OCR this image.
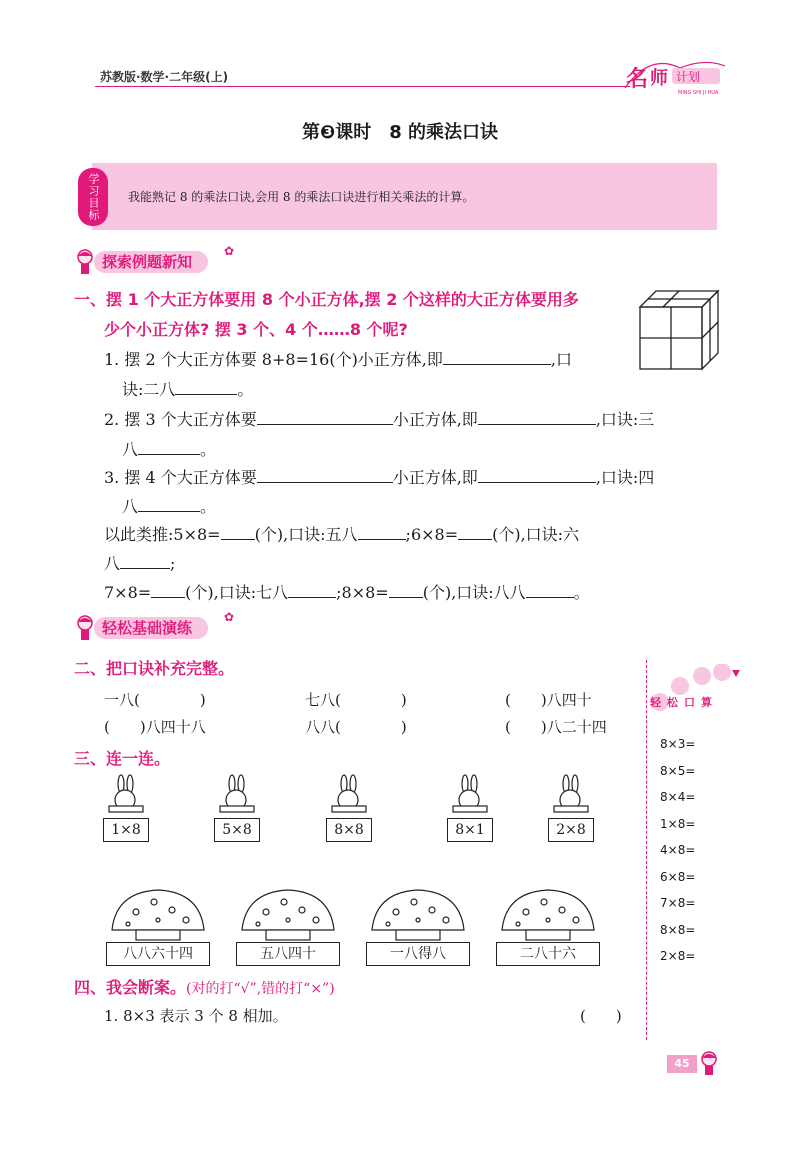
苏教版·数学·二年级(上)	名 师 计划
MING SHI JI HUA
第❸课时　8 的乘法口诀
学习目标 我能熟记 8 的乘法口诀,会用 8 的乘法口诀进行相关乘法的计算。
探索例题新知
✿
一、摆 1 个大正方体要用 8 个小正方体,摆 2 个这样的大正方体要用多
少个小正方体? 摆 3 个、4 个……8 个呢?
1. 摆 2 个大正方体要 8+8=16(个)小正方体,即	,口
诀:二八	。
2. 摆 3 个大正方体要	小正方体,即	,口诀:三
八	。
3. 摆 4 个大正方体要	小正方体,即	,口诀:四
八	。
以此类推:5×8= (个),口诀:五八	;6×8= (个),口诀:六
八	;
7×8= (个),口诀:七八	;8×8= (个),口诀:八八	。
轻松基础演练
✿
二、把口诀补充完整。
一八(　　　　)	七八(　　　　)	(　　)八四十
(　　)八四十八	八八(　　　　)	(　　)八二十四
三、连一连。
1×8	5×8	8×8	8×1	2×8
八八六十四	五八四十	一八得八	二八十六
四、我会断案。(对的打“√”,错的打“×”)
1. 8×3 表示 3 个 8 相加。	(　　)
轻松口算
8×3=
8×5=
8×4=
1×8=
4×8=
6×8=
7×8=
8×8=
2×8=
45
